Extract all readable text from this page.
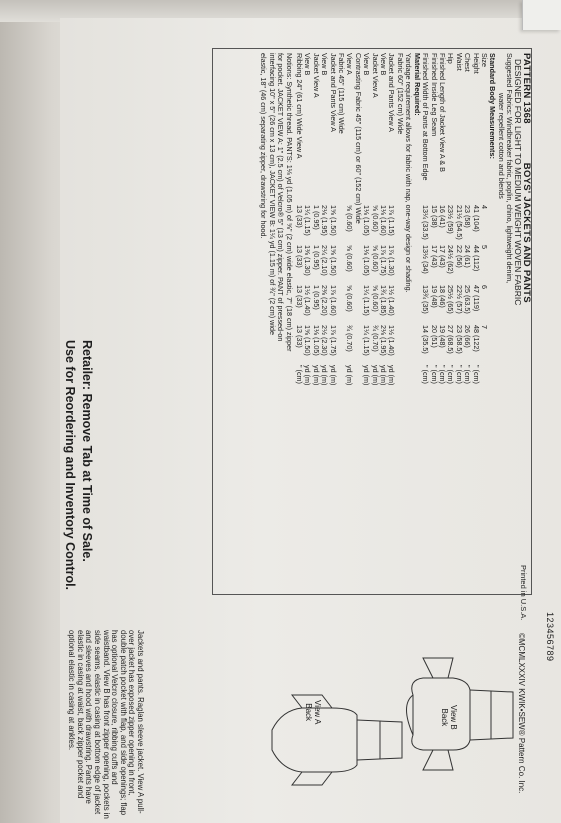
Retailer: Remove Tab at Time of Sale.
Use for Reordering and Inventory Control.
PATTERN 1368 BOYS' JACKETS AND PANTS
DESIGNED FOR LIGHT TO MEDIUM WEIGHT WOVEN FABRIC
Suggested Fabrics: Windbreaker fabric, poplin, chino, lightweight denim,
water repellent cotton and blends
Standard Body Measurements:
Size
4
5
6
7
Height
41 (104)
44 (112)
47 (119)
48 (122)
" (cm)
Chest
23 (58)
24 (61)
25 (63.5)
26 (66)
" (cm)
Waist
21½ (54.5)
22 (56)
22½ (57)
23 (58.5)
" (cm)
Hip
23½ (59)
24½ (62)
25½ (65)
27 (68.5)
" (cm)
Finished Length of Jacket View A & B
16 (41)
17 (43)
18 (46)
19 (48)
" (cm)
Finished Inside Leg Seam
15 (38)
17 (43)
19 (48)
20 (51)
" (cm)
Finished Width of Pants at Bottom Edge
13¼ (33.5)
13½ (34)
13¾ (35)
14 (35.5)
" (cm)
Material Required:
Yardage requirement allows for fabric with nap, one-way design or shading.
Fabric 60" (152 cm) Wide
Jacket and Pants View A
1⅞ (1.15)
1⅞ (1.30)
1½ (1.40)
1½ (1.40)
yd (m)
View B
1⅛ (1.60)
1⅞ (1.75)
1¾ (1.85)
2⅛ (1.95)
yd (m)
Jacket View A
⅝ (0.60)
⅝ (0.60)
⅝ (0.60)
¾ (0.70)
yd (m)
View B
1⅛ (1.05)
1⅛ (1.05)
1¼ (1.15)
1¼ (1.15)
yd (m)
Contrasting Fabric 45" (115 cm) or 60" (152 cm) Wide
View A
⅝ (0.60)
⅝ (0.60)
⅝ (0.60)
¾ (0.70)
yd (m)
Fabric 45" (115 cm) Wide
Jacket and Pants View A
1⅝ (1.50)
1⅝ (1.50)
1⅞ (1.60)
1⅞ (1.75)
yd (m)
View B
2⅛ (1.95)
2¼ (2.10)
2⅜ (2.20)
2½ (2.30)
yd (m)
Jacket View A
1 (0.95)
1 (0.95)
1 (0.95)
1⅛ (1.05)
yd (m)
View B
1¼ (1.15)
1⅜ (1.30)
1½ (1.40)
1⅝ (1.50)
yd (m)
Ribbing 24" (61 cm) Wide View A
13 (33)
13 (33)
13 (33)
13 (33)
" (cm)
Notions: Synthetic thread. PANTS: 1⅛ yd (1.05 m) of ⅝" (2 cm) wide elastic, 7" (18 cm) zipper for pocket. JACKET VIEW A: 1" (2.5 cm) of Velcro® 5" (13 cm) zipper. PANT of pressed-on interfacing 10" x 5" (26 cm x 13 cm), JACKET VIEW B: 1¼ yd (1.15 m) of ¾" (2 cm) wide elastic, 18" (46 cm) separating zipper, drawstring for hood.
Printed in U.S.A.
©MCMLXXXIV KWIK•SEW® Pattern Co. Inc. 123456789
Jackets and pants. Raglan sleeve jacket. View A pull-over jacket has exposed zipper opening in front, double patch pocket with flap, and side openings; flap has optional Velcro closure, ribbing cuffs and waistband. View B has front zipper opening, pockets in side seams, elastic in casing at bottom edge of jacket and sleeves and hood with drawstring. Pants have elastic in casing at waist, back zipper pocket and optional elastic in casing at ankles.	View A
Back	View B
Back
